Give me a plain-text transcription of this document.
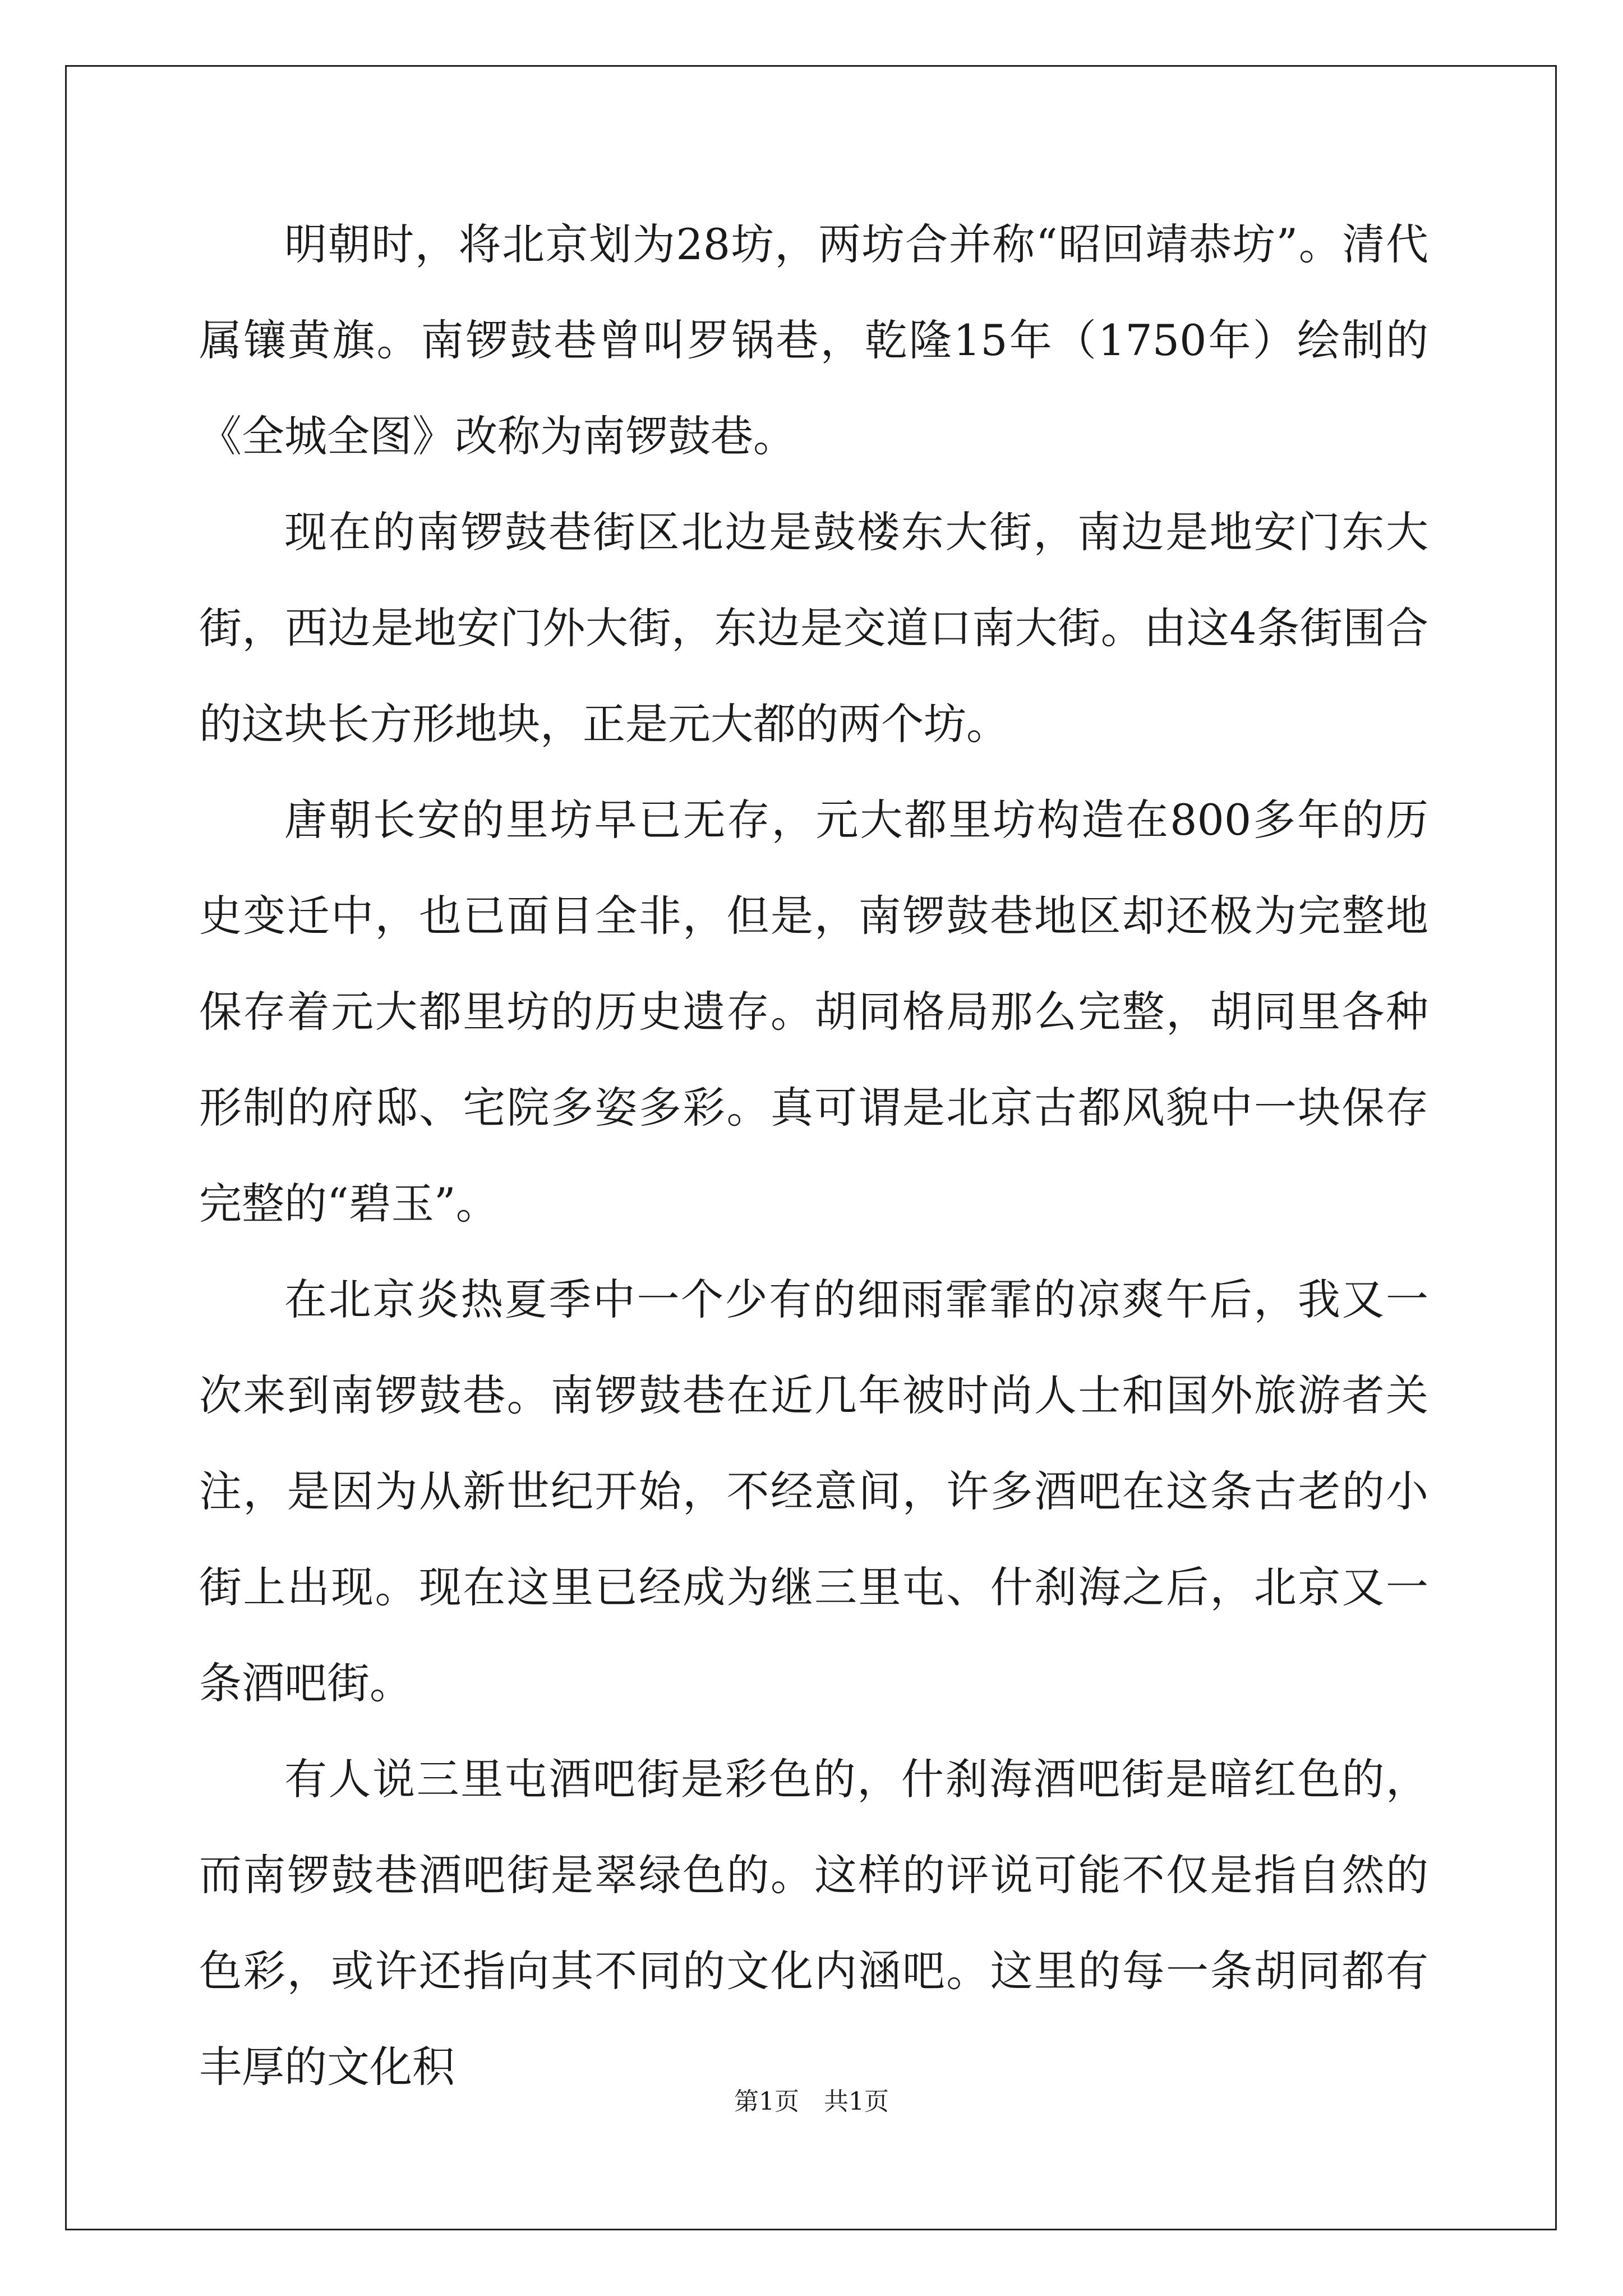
明朝时，将北京划为28坊，两坊合并称“昭回靖恭坊”。清代属镶黄旗。南锣鼓巷曾叫罗锅巷，乾隆15年（1750年）绘制的《全城全图》改称为南锣鼓巷。

现在的南锣鼓巷街区北边是鼓楼东大街，南边是地安门东大街，西边是地安门外大街，东边是交道口南大街。由这4条街围合的这块长方形地块，正是元大都的两个坊。

唐朝长安的里坊早已无存，元大都里坊构造在800多年的历史变迁中，也已面目全非，但是，南锣鼓巷地区却还极为完整地保存着元大都里坊的历史遗存。胡同格局那么完整，胡同里各种形制的府邸、宅院多姿多彩。真可谓是北京古都风貌中一块保存完整的“碧玉”。

在北京炎热夏季中一个少有的细雨霏霏的凉爽午后，我又一次来到南锣鼓巷。南锣鼓巷在近几年被时尚人士和国外旅游者关注，是因为从新世纪开始，不经意间，许多酒吧在这条古老的小街上出现。现在这里已经成为继三里屯、什刹海之后，北京又一条酒吧街。

有人说三里屯酒吧街是彩色的，什刹海酒吧街是暗红色的，而南锣鼓巷酒吧街是翠绿色的。这样的评说可能不仅是指自然的色彩，或许还指向其不同的文化内涵吧。这里的每一条胡同都有丰厚的文化积

第1页　共1页
